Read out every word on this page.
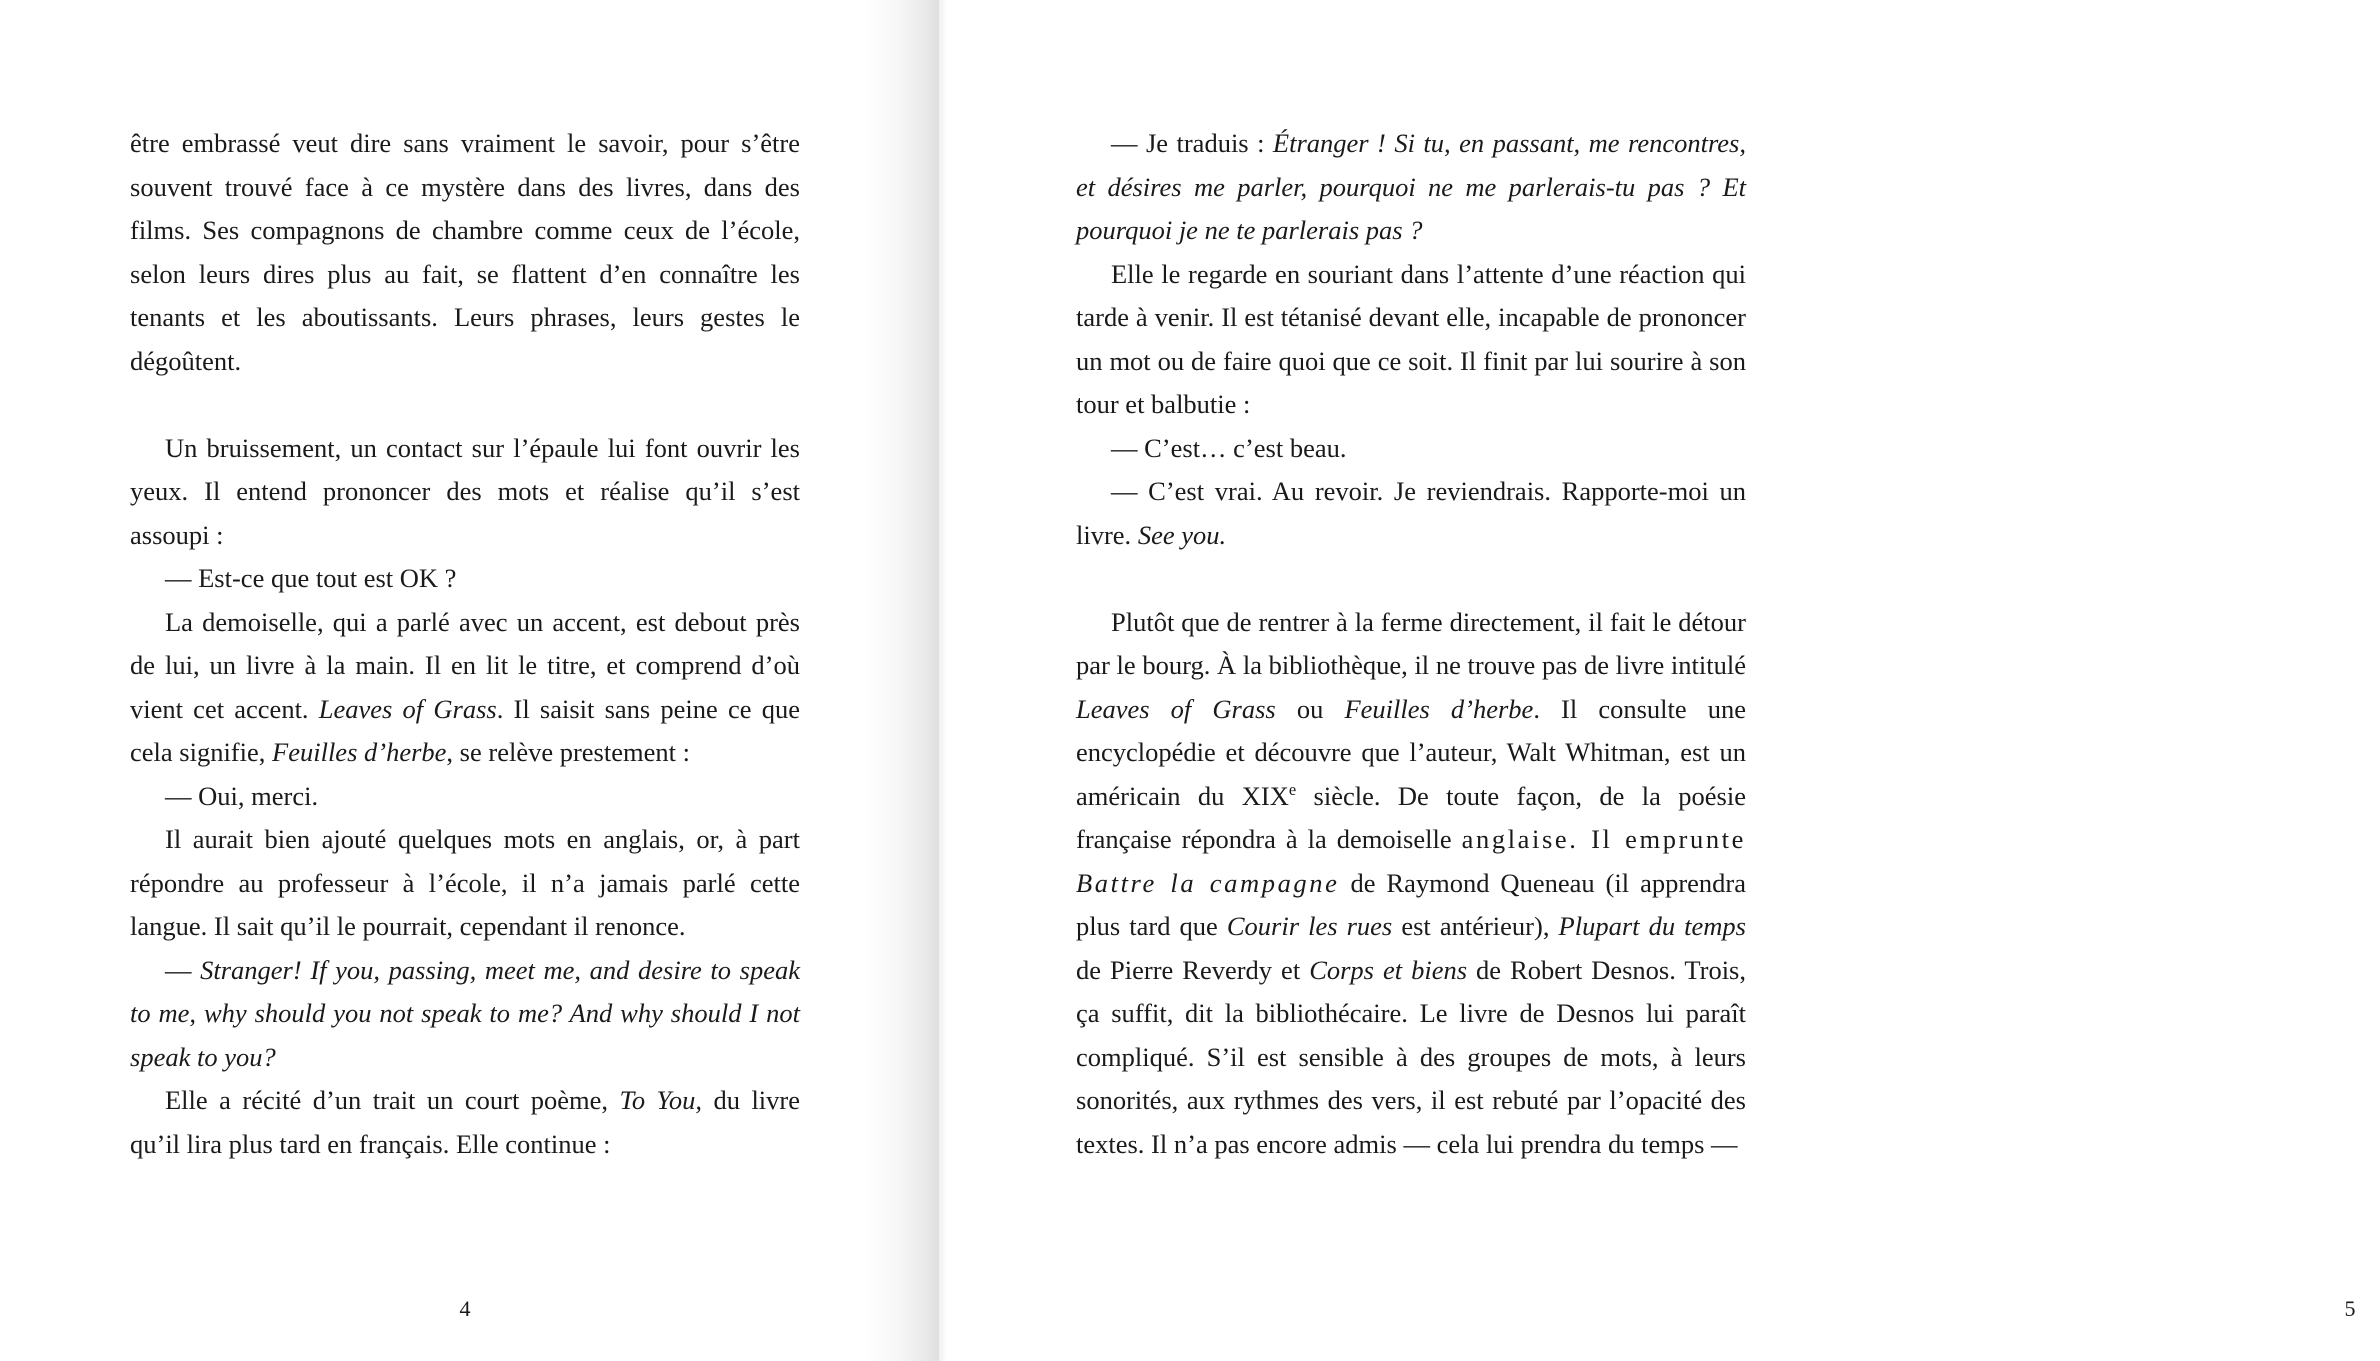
être embrassé veut dire sans vraiment le savoir, pour s’être souvent trouvé face à ce mystère dans des livres, dans des films. Ses compagnons de chambre comme ceux de l’école, selon leurs dires plus au fait, se flattent d’en connaître les tenants et les aboutissants. Leurs phrases, leurs gestes le dégoûtent.

Un bruissement, un contact sur l’épaule lui font ouvrir les yeux. Il entend prononcer des mots et réalise qu’il s’est assoupi :

— Est-ce que tout est OK ?

La demoiselle, qui a parlé avec un accent, est debout près de lui, un livre à la main. Il en lit le titre, et comprend d’où vient cet accent. Leaves of Grass. Il saisit sans peine ce que cela signifie, Feuilles d’herbe, se relève prestement :

— Oui, merci.

Il aurait bien ajouté quelques mots en anglais, or, à part répondre au professeur à l’école, il n’a jamais parlé cette langue. Il sait qu’il le pourrait, cependant il renonce.

— Stranger! If you, passing, meet me, and desire to speak to me, why should you not speak to me? And why should I not speak to you?

Elle a récité d’un trait un court poème, To You, du livre qu’il lira plus tard en français. Elle continue :

4	5

— Je traduis : Étranger ! Si tu, en passant, me rencontres, et désires me parler, pourquoi ne me parlerais-tu pas ? Et pourquoi je ne te parlerais pas ?

Elle le regarde en souriant dans l’attente d’une réaction qui tarde à venir. Il est tétanisé devant elle, incapable de prononcer un mot ou de faire quoi que ce soit. Il finit par lui sourire à son tour et balbutie :

— C’est… c’est beau.

— C’est vrai. Au revoir. Je reviendrais. Rapporte-moi un livre. See you.

Plutôt que de rentrer à la ferme directement, il fait le détour par le bourg. À la bibliothèque, il ne trouve pas de livre intitulé Leaves of Grass ou Feuilles d’herbe. Il consulte une encyclopédie et découvre que l’auteur, Walt Whitman, est un américain du XIXe siècle. De toute façon, de la poésie française répondra à la demoiselle anglaise. Il emprunte Battre la campagne de Raymond Queneau (il apprendra plus tard que Courir les rues est antérieur), Plupart du temps de Pierre Reverdy et Corps et biens de Robert Desnos. Trois, ça suffit, dit la bibliothécaire. Le livre de Desnos lui paraît compliqué. S’il est sensible à des groupes de mots, à leurs sonorités, aux rythmes des vers, il est rebuté par l’opacité des textes. Il n’a pas encore admis — cela lui prendra du temps —
